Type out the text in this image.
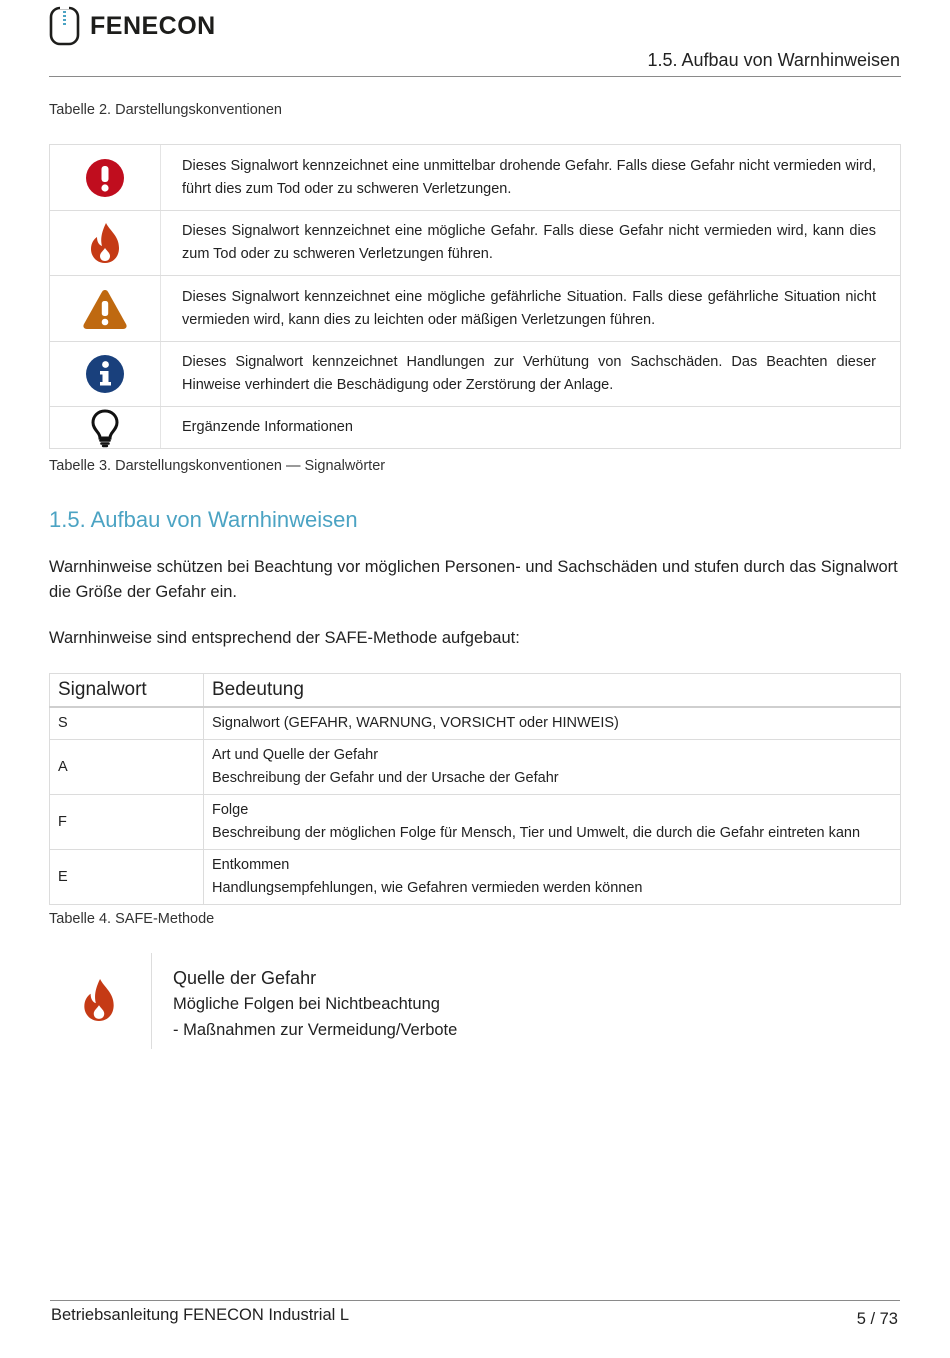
FENECON
1.5. Aufbau von Warnhinweisen
Tabelle 2. Darstellungskonventionen
Dieses Signalwort kennzeichnet eine unmittelbar drohende Gefahr. Falls diese Gefahr nicht vermieden wird, führt dies zum Tod oder zu schweren Verletzungen.
Dieses Signalwort kennzeichnet eine mögliche Gefahr. Falls diese Gefahr nicht vermieden wird, kann dies zum Tod oder zu schweren Verletzungen führen.
Dieses Signalwort kennzeichnet eine mögliche gefährliche Situation. Falls diese gefährliche Situation nicht vermieden wird, kann dies zu leichten oder mäßigen Verletzungen führen.
Dieses Signalwort kennzeichnet Handlungen zur Verhütung von Sachschäden. Das Beachten dieser Hinweise verhindert die Beschädigung oder Zerstörung der Anlage.
Ergänzende Informationen
Tabelle 3. Darstellungskonventionen — Signalwörter
1.5. Aufbau von Warnhinweisen
Warnhinweise schützen bei Beachtung vor möglichen Personen- und Sachschäden und stufen durch das Signalwort die Größe der Gefahr ein.
Warnhinweise sind entsprechend der SAFE-Methode aufgebaut:
Signalwort	Bedeutung
S	Signalwort (GEFAHR, WARNUNG, VORSICHT oder HINWEIS)

A	Art und Quelle der Gefahr
Beschreibung der Gefahr und der Ursache der Gefahr

F	Folge
Beschreibung der möglichen Folge für Mensch, Tier und Umwelt, die durch die Gefahr eintreten kann

E	Entkommen
Handlungsempfehlungen, wie Gefahren vermieden werden können
Tabelle 4. SAFE-Methode
Quelle der Gefahr
Mögliche Folgen bei Nichtbeachtung
- Maßnahmen zur Vermeidung/Verbote
Betriebsanleitung FENECON Industrial L	5 / 73
